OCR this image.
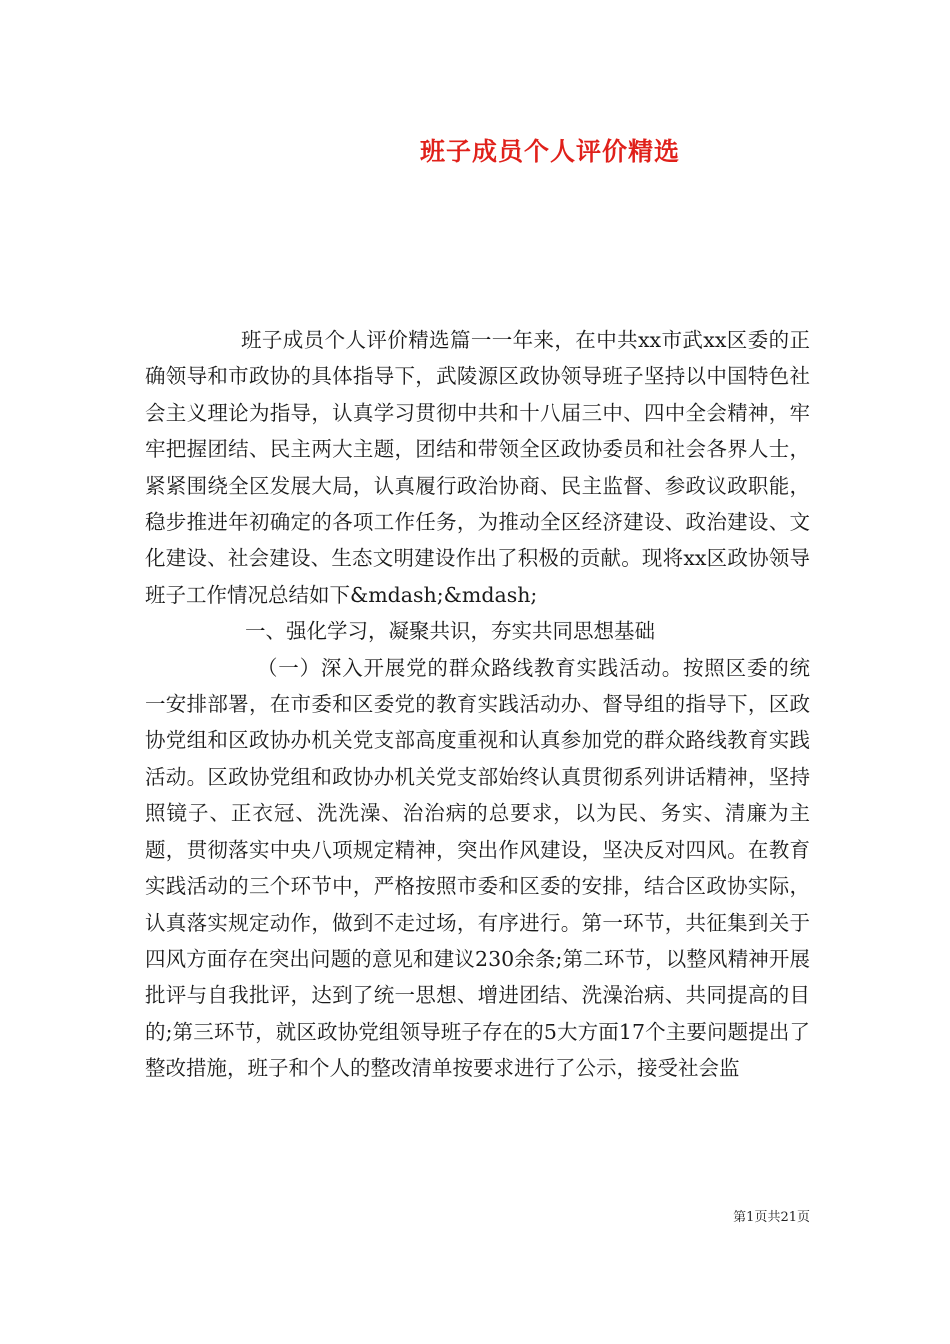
班子成员个人评价精选

班子成员个人评价精选篇一一年来，在中共xx市武xx区委的正确领导和市政协的具体指导下，武陵源区政协领导班子坚持以中国特色社会主义理论为指导，认真学习贯彻中共和十八届三中、四中全会精神，牢牢把握团结、民主两大主题，团结和带领全区政协委员和社会各界人士，紧紧围绕全区发展大局，认真履行政治协商、民主监督、参政议政职能，稳步推进年初确定的各项工作任务，为推动全区经济建设、政治建设、文化建设、社会建设、生态文明建设作出了积极的贡献。现将xx区政协领导班子工作情况总结如下&mdash;&mdash;

一、强化学习，凝聚共识，夯实共同思想基础

（一）深入开展党的群众路线教育实践活动。按照区委的统一安排部署，在市委和区委党的教育实践活动办、督导组的指导下，区政协党组和区政协办机关党支部高度重视和认真参加党的群众路线教育实践活动。区政协党组和政协办机关党支部始终认真贯彻系列讲话精神，坚持照镜子、正衣冠、洗洗澡、治治病的总要求，以为民、务实、清廉为主题，贯彻落实中央八项规定精神，突出作风建设，坚决反对四风。在教育实践活动的三个环节中，严格按照市委和区委的安排，结合区政协实际，认真落实规定动作，做到不走过场，有序进行。第一环节，共征集到关于四风方面存在突出问题的意见和建议230余条;第二环节，以整风精神开展批评与自我批评，达到了统一思想、增进团结、洗澡治病、共同提高的目的;第三环节，就区政协党组领导班子存在的5大方面17个主要问题提出了整改措施，班子和个人的整改清单按要求进行了公示，接受社会监

第1页共21页
